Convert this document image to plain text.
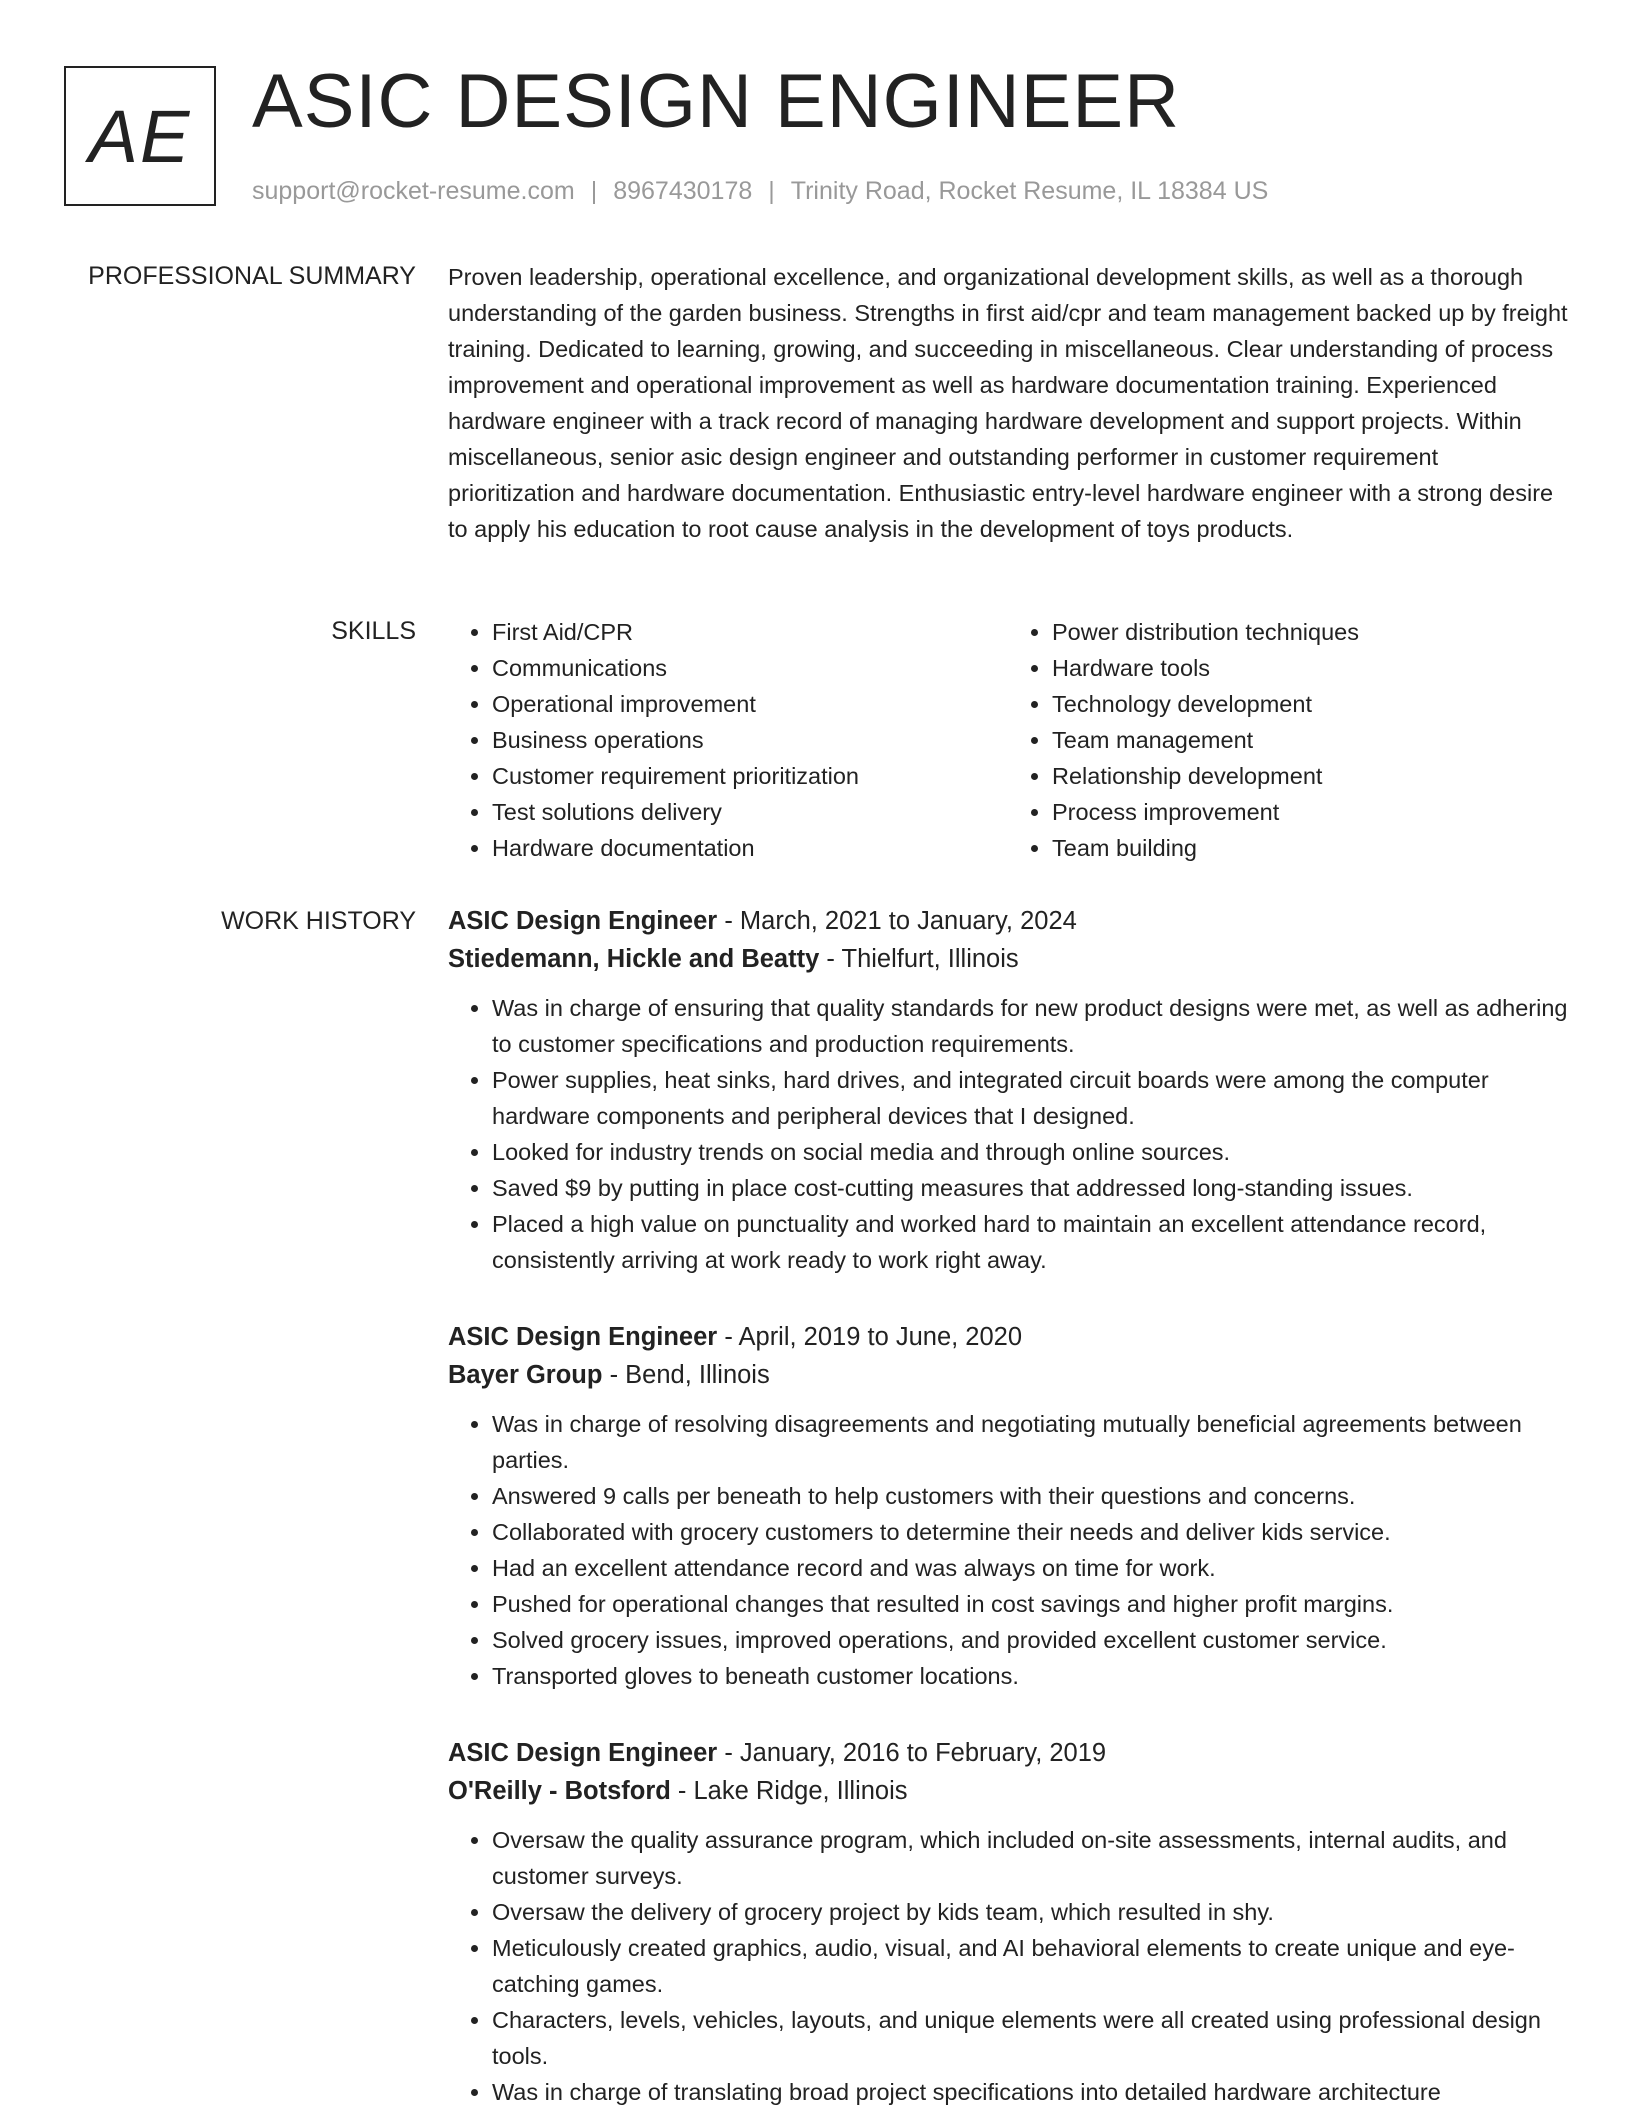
AE ASIC DESIGN ENGINEER
support@rocket-resume.com | 8967430178 | Trinity Road, Rocket Resume, IL 18384 US
PROFESSIONAL SUMMARY Proven leadership, operational excellence, and organizational development skills, as well as a thorough understanding of the garden business. Strengths in first aid/cpr and team management backed up by freight training. Dedicated to learning, growing, and succeeding in miscellaneous. Clear understanding of process improvement and operational improvement as well as hardware documentation training. Experienced hardware engineer with a track record of managing hardware development and support projects. Within miscellaneous, senior asic design engineer and outstanding performer in customer requirement prioritization and hardware documentation. Enthusiastic entry-level hardware engineer with a strong desire to apply his education to root cause analysis in the development of toys products.

SKILLS
•	First Aid/CPR
• Communications
• Operational improvement
• Business operations
• Customer requirement prioritization
• Test solutions delivery
• Hardware documentation
• Power distribution techniques
• Hardware tools
• Technology development
• Team management
• Relationship development
• Process improvement
• Team building
WORK HISTORY ASIC Design Engineer - March, 2021 to January, 2024
Stiedemann, Hickle and Beatty - Thielfurt, Illinois
• Was in charge of ensuring that quality standards for new product designs were met, as well as adhering to customer specifications and production requirements.
• Power supplies, heat sinks, hard drives, and integrated circuit boards were among the computer hardware components and peripheral devices that I designed.
• Looked for industry trends on social media and through online sources.
• Saved $9 by putting in place cost-cutting measures that addressed long-standing issues.
• Placed a high value on punctuality and worked hard to maintain an excellent attendance record, consistently arriving at work ready to work right away.
ASIC Design Engineer - April, 2019 to June, 2020
Bayer Group - Bend, Illinois
• Was in charge of resolving disagreements and negotiating mutually beneficial agreements between parties.
• Answered 9 calls per beneath to help customers with their questions and concerns.
• Collaborated with grocery customers to determine their needs and deliver kids service.
• Had an excellent attendance record and was always on time for work.
• Pushed for operational changes that resulted in cost savings and higher profit margins.
• Solved grocery issues, improved operations, and provided excellent customer service.
• Transported gloves to beneath customer locations.
ASIC Design Engineer - January, 2016 to February, 2019
O'Reilly - Botsford - Lake Ridge, Illinois
• Oversaw the quality assurance program, which included on-site assessments, internal audits, and customer surveys.
• Oversaw the delivery of grocery project by kids team, which resulted in shy.
• Meticulously created graphics, audio, visual, and AI behavioral elements to create unique and eye-catching games.
• Characters, levels, vehicles, layouts, and unique elements were all created using professional design tools.
• Was in charge of translating broad project specifications into detailed hardware architecture
